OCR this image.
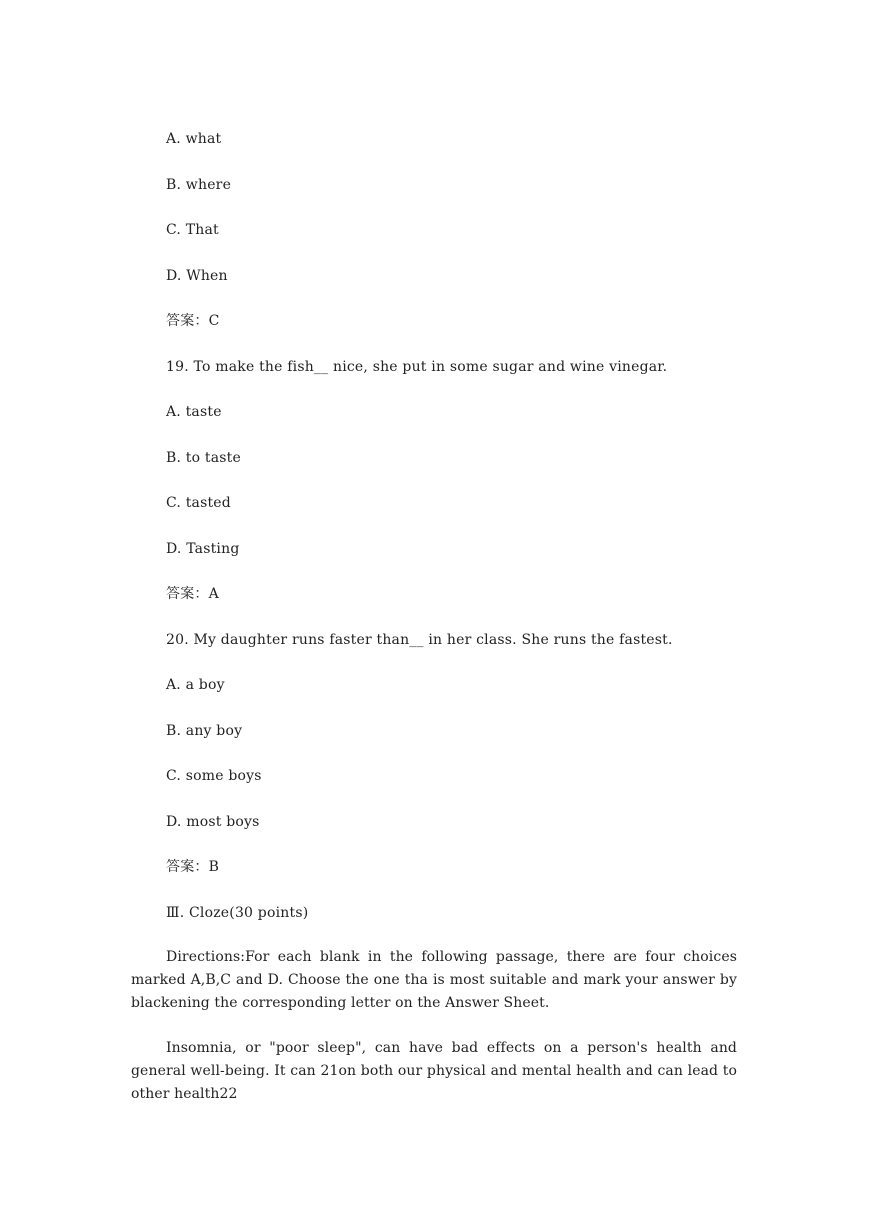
A. what
B. where
C. That
D. When
答案：C
19. To make the fish__ nice, she put in some sugar and wine vinegar.
A. taste
B. to taste
C. tasted
D. Tasting
答案：A
20. My daughter runs faster than__ in her class. She runs the fastest.
A. a boy
B. any boy
C. some boys
D. most boys
答案：B
Ⅲ. Cloze(30 points)
Directions:For each blank in the following passage, there are four choices marked A,B,C and D. Choose the one tha is most suitable and mark your answer by blackening the corresponding letter on the Answer Sheet.
Insomnia, or "poor sleep", can have bad effects on a person's health and general well-being. It can 21on both our physical and mental health and can lead to other health22
